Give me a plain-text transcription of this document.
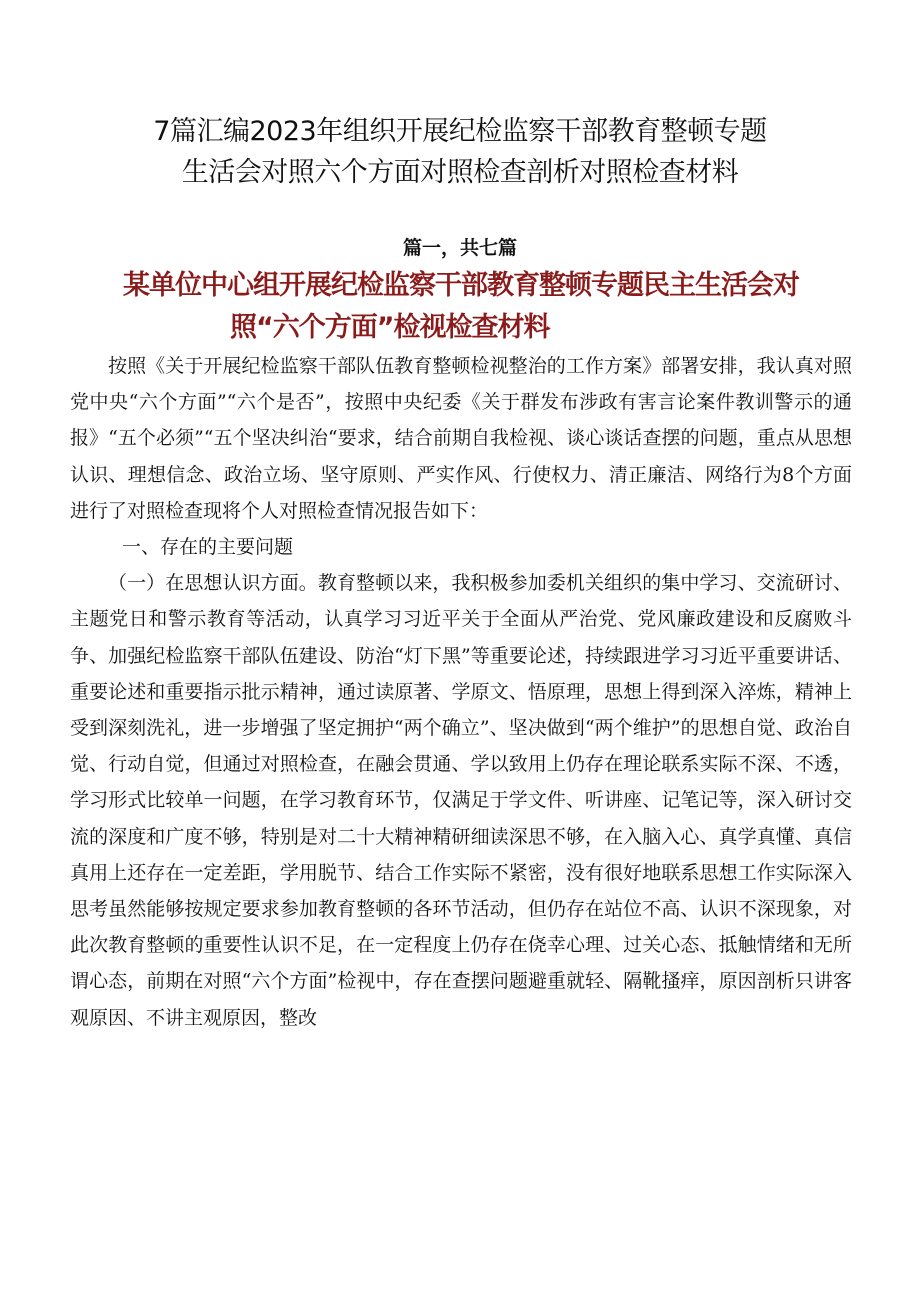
7篇汇编2023年组织开展纪检监察干部教育整顿专题
生活会对照六个方面对照检查剖析对照检查材料
篇一，共七篇
某单位中心组开展纪检监察干部教育整顿专题民主生活会对
照“六个方面”检视检查材料

按照《关于开展纪检监察干部队伍教育整顿检视整治的工作方案》部署安排，我认真对照党中央“六个方面”“六个是否”，按照中央纪委《关于群发布涉政有害言论案件教训警示的通报》“五个必须”“五个坚决纠治“要求，结合前期自我检视、谈心谈话查摆的问题，重点从思想认识、理想信念、政治立场、坚守原则、严实作风、行使权力、清正廉洁、网络行为8个方面进行了对照检查现将个人对照检查情况报告如下：

一、存在的主要问题

（一）在思想认识方面。教育整顿以来，我积极参加委机关组织的集中学习、交流研讨、主题党日和警示教育等活动，认真学习习近平关于全面从严治党、党风廉政建设和反腐败斗争、加强纪检监察干部队伍建设、防治“灯下黑”等重要论述，持续跟进学习习近平重要讲话、重要论述和重要指示批示精神，通过读原著、学原文、悟原理，思想上得到深入淬炼，精神上受到深刻洗礼，进一步增强了坚定拥护“两个确立”、坚决做到“两个维护”的思想自觉、政治自觉、行动自觉，但通过对照检查，在融会贯通、学以致用上仍存在理论联系实际不深、不透，学习形式比较单一问题，在学习教育环节，仅满足于学文件、听讲座、记笔记等，深入研讨交流的深度和广度不够，特别是对二十大精神精研细读深思不够，在入脑入心、真学真懂、真信真用上还存在一定差距，学用脱节、结合工作实际不紧密，没有很好地联系思想工作实际深入思考虽然能够按规定要求参加教育整顿的各环节活动，但仍存在站位不高、认识不深现象，对此次教育整顿的重要性认识不足，在一定程度上仍存在侥幸心理、过关心态、抵触情绪和无所谓心态，前期在对照“六个方面”检视中，存在查摆问题避重就轻、隔靴搔痒，原因剖析只讲客观原因、不讲主观原因，整改
